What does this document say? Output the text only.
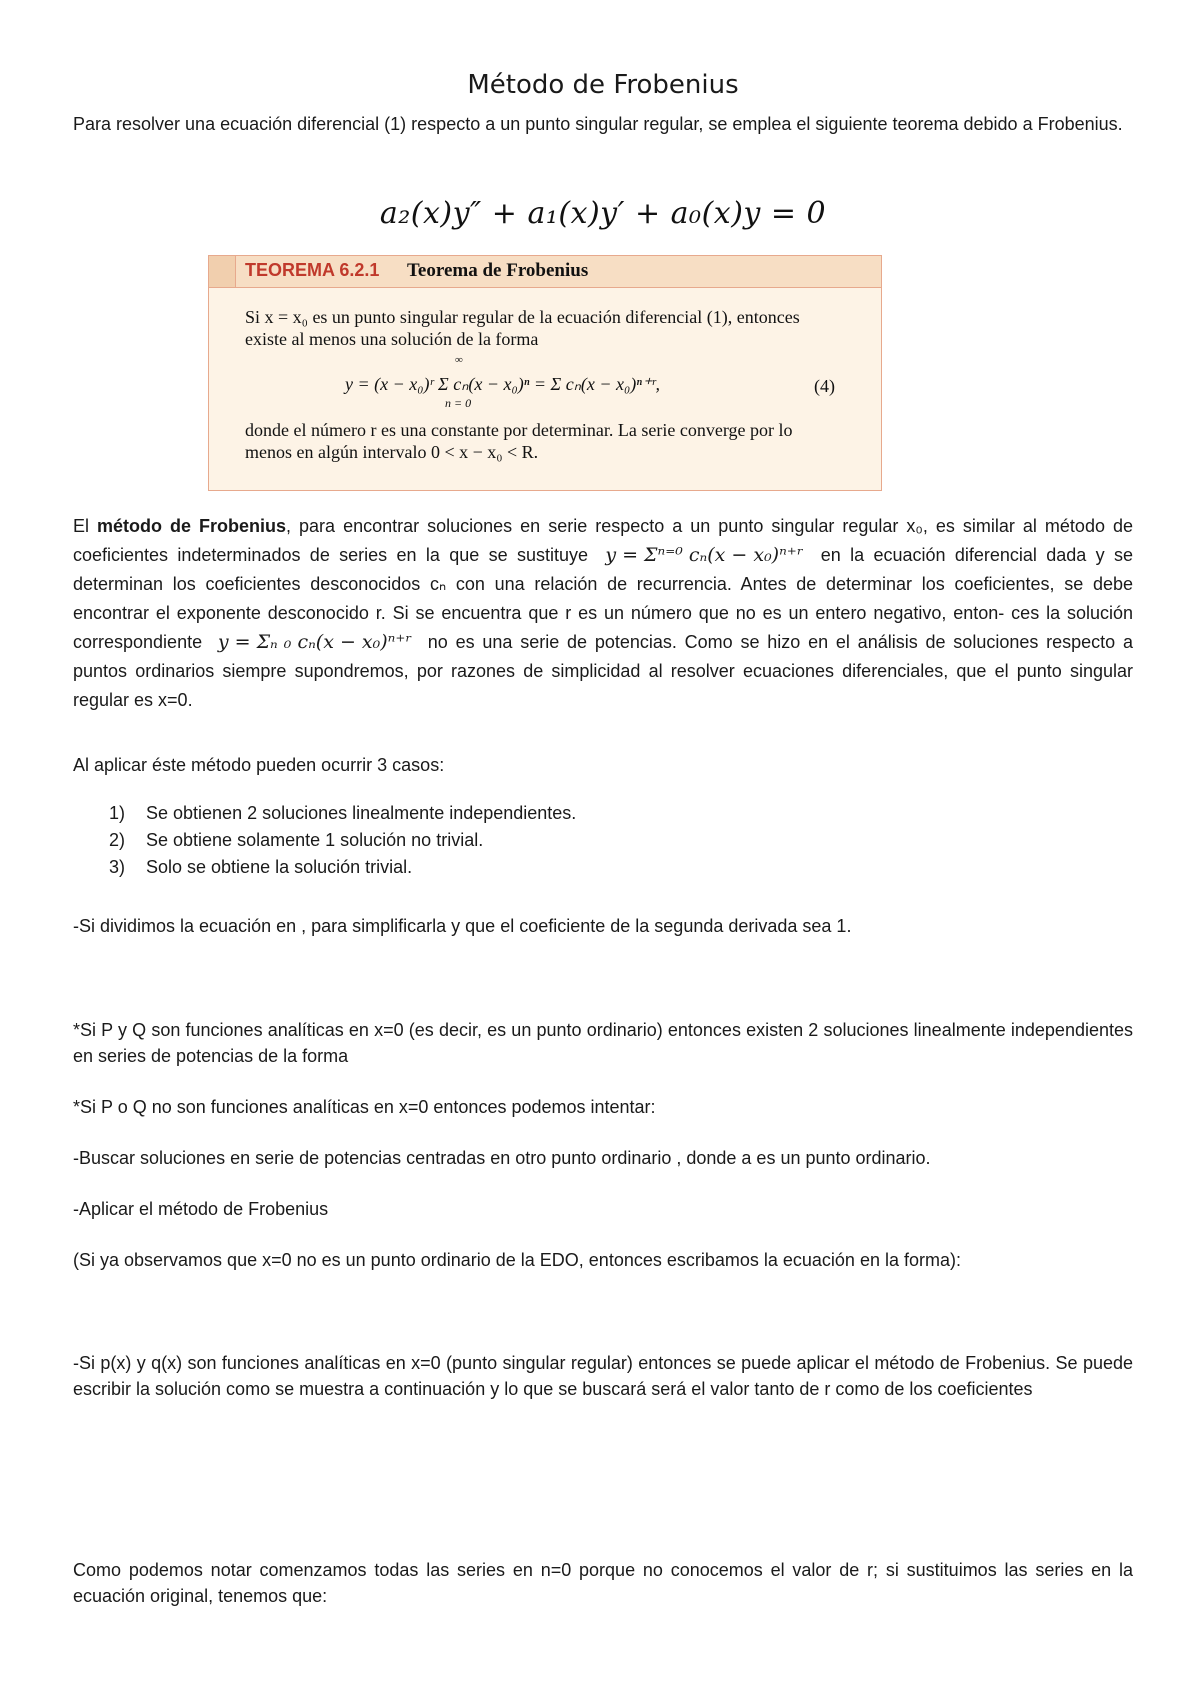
Método de Frobenius
Para resolver una ecuación diferencial (1) respecto a un punto singular regular, se emplea el siguiente teorema debido a Frobenius.
a₂(x)y″ + a₁(x)y′ + a₀(x)y = 0
TEOREMA 6.2.1 Teorema de Frobenius
Si x = x₀ es un punto singular regular de la ecuación diferencial (1), entonces
existe al menos una solución de la forma
y = (x − x₀)ʳ Σ cₙ(x − x₀)ⁿ = Σ cₙ(x − x₀)ⁿ⁺ʳ,
∞
n = 0
(4)
donde el número r es una constante por determinar. La serie converge por lo
menos en algún intervalo 0 < x − x₀ < R.
El método de Frobenius, para encontrar soluciones en serie respecto a un punto singular regular x₀, es similar al método de coeficientes indeterminados de series en la que se sustituye y = Σⁿ⁼⁰ cₙ(x − x₀)ⁿ⁺ʳ en la ecuación diferencial dada y se determinan los coeficientes desconocidos cₙ con una relación de recurrencia. Antes de determinar los coeficientes, se debe encontrar el exponente desconocido r. Si se encuentra que r es un número que no es un entero negativo, enton- ces la solución correspondiente y = Σₙ ₀ cₙ(x − x₀)ⁿ⁺ʳ no es una serie de potencias. Como se hizo en el análisis de soluciones respecto a puntos ordinarios siempre supondremos, por razones de simplicidad al resolver ecuaciones diferenciales, que el punto singular regular es x=0.
Al aplicar éste método pueden ocurrir 3 casos:
1) Se obtienen 2 soluciones linealmente independientes.
2) Se obtiene solamente 1 solución no trivial.
3) Solo se obtiene la solución trivial.
-Si dividimos la ecuación en , para simplificarla y que el coeficiente de la segunda derivada sea 1.
*Si P y Q son funciones analíticas en x=0 (es decir, es un punto ordinario) entonces existen 2 soluciones linealmente independientes en series de potencias de la forma
*Si P o Q no son funciones analíticas en x=0 entonces podemos intentar:
-Buscar soluciones en serie de potencias centradas en otro punto ordinario , donde a es un punto ordinario.
-Aplicar el método de Frobenius
(Si ya observamos que x=0 no es un punto ordinario de la EDO, entonces escribamos la ecuación en la forma):
-Si p(x) y q(x) son funciones analíticas en x=0 (punto singular regular) entonces se puede aplicar el método de Frobenius. Se puede escribir la solución como se muestra a continuación y lo que se buscará será el valor tanto de r como de los coeficientes
Como podemos notar comenzamos todas las series en n=0 porque no conocemos el valor de r; si sustituimos las series en la ecuación original, tenemos que:
